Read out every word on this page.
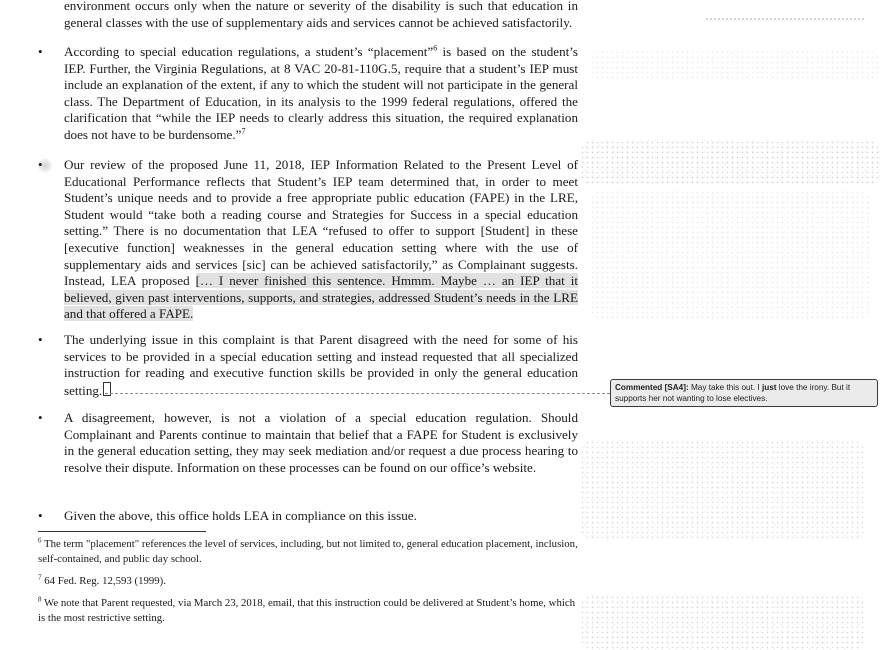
environment occurs only when the nature or severity of the disability is such that education in general classes with the use of supplementary aids and services cannot be achieved satisfactorily.

•	According to special education regulations, a student’s “placement”$^6$ is based on the student’s IEP. Further, the Virginia Regulations, at 8 VAC 20-81-110G.5, require that a student’s IEP must include an explanation of the extent, if any to which the student will not participate in the general class. The Department of Education, in its analysis to the 1999 federal regulations, offered the clarification that “while the IEP needs to clearly address this situation, the required explanation does not have to be burdensome.”$^7$

•	Our review of the proposed June 11, 2018, IEP Information Related to the Present Level of Educational Performance reflects that Student’s IEP team determined that, in order to meet Student’s unique needs and to provide a free appropriate public education (FAPE) in the LRE, Student would “take both a reading course and Strategies for Success in a special education setting.” There is no documentation that LEA “refused to offer to support [Student] in these [executive function] weaknesses in the general education setting where with the use of supplementary aids and services [sic] can be achieved satisfactorily,” as Complainant suggests. Instead, LEA proposed [… I never finished this sentence. Hmmm. Maybe … an IEP that it believed, given past interventions, supports, and strategies, addressed Student’s needs in the LRE and that offered a FAPE.

•	The underlying issue in this complaint is that Parent disagreed with the need for some of his services to be provided in a special education setting and instead requested that all specialized instruction for reading and executive function skills be provided in only the general education setting.

•	A disagreement, however, is not a violation of a special education regulation. Should Complainant and Parents continue to maintain that belief that a FAPE for Student is exclusively in the general education setting, they may seek mediation and/or request a due process hearing to resolve their dispute. Information on these processes can be found on our office’s website.

•	Given the above, this office holds LEA in compliance on this issue.

Commented [SA4]: May take this out. I just love the irony. But it supports her not wanting to lose electives.

$^6$ The term "placement" references the level of services, including, but not limited to, general education placement, inclusion, self-contained, and public day school.

$^7$ 64 Fed. Reg. 12,593 (1999).

$^8$ We note that Parent requested, via March 23, 2018, email, that this instruction could be delivered at Student’s home, which is the most restrictive setting.
